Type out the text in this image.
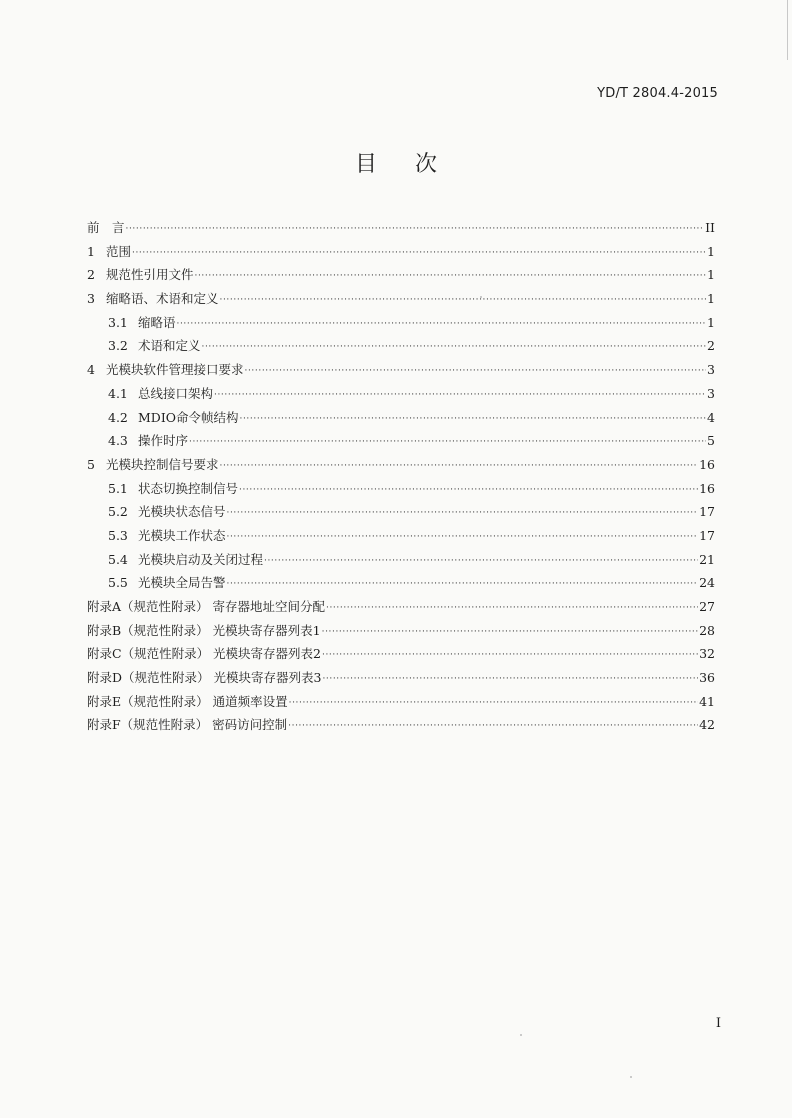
YD/T 2804.4-2015
目 次
前　言 ·····	II
1 范围 ·····	1
2 规范性引用文件 ·····	1
3 缩略语、术语和定义 ·····	1
3.1 缩略语 ·····	1
3.2 术语和定义 ·····	2
4 光模块软件管理接口要求 ·····	3
4.1 总线接口架构 ·····	3
4.2 MDIO命令帧结构 ·····	4
4.3 操作时序 ·····	5
5 光模块控制信号要求 ·····	16
5.1 状态切换控制信号 ·····	16
5.2 光模块状态信号 ·····	17
5.3 光模块工作状态 ·····	17
5.4 光模块启动及关闭过程 ·····	21
5.5 光模块全局告警 ·····	24
附录A（规范性附录） 寄存器地址空间分配 ·····	27
附录B（规范性附录） 光模块寄存器列表1 ·····	28
附录C（规范性附录） 光模块寄存器列表2 ·····	32
附录D（规范性附录） 光模块寄存器列表3 ·····	36
附录E（规范性附录） 通道频率设置 ·····	41
附录F（规范性附录） 密码访问控制 ·····	42
I
